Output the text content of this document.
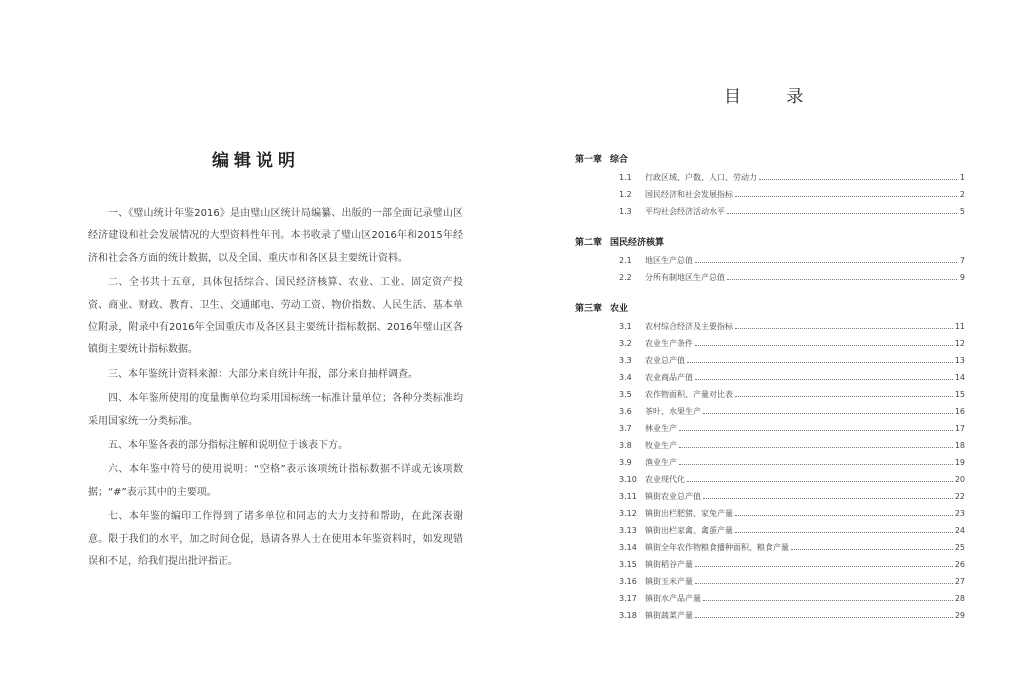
编辑说明

一、《璧山统计年鉴2016》是由璧山区统计局编纂、出版的一部全面记录璧山区经济建设和社会发展情况的大型资料性年刊。本书收录了璧山区2016年和2015年经济和社会各方面的统计数据，以及全国、重庆市和各区县主要统计资料。

二、全书共十五章，具体包括综合、国民经济核算、农业、工业、固定资产投资、商业、财政、教育、卫生、交通邮电、劳动工资、物价指数、人民生活、基本单位附录，附录中有2016年全国重庆市及各区县主要统计指标数据、2016年璧山区各镇街主要统计指标数据。

三、本年鉴统计资料来源：大部分来自统计年报，部分来自抽样调查。

四、本年鉴所使用的度量衡单位均采用国标统一标准计量单位；各种分类标准均采用国家统一分类标准。

五、本年鉴各表的部分指标注解和说明位于该表下方。

六、本年鉴中符号的使用说明：“空格”表示该项统计指标数据不详或无该项数据；“#”表示其中的主要项。

七、本年鉴的编印工作得到了诸多单位和同志的大力支持和帮助，在此深表谢意。限于我们的水平，加之时间仓促，恳请各界人士在使用本年鉴资料时，如发现错误和不足，给我们提出批评指正。

目 录
第一章 综合
1.1	行政区域、户数、人口、劳动力	1
1.2	国民经济和社会发展指标	2
1.3	平均社会经济活动水平	5
第二章 国民经济核算
2.1	地区生产总值	7
2.2	分所有制地区生产总值	9
第三章 农业
3.1	农村综合经济及主要指标	11
3.2	农业生产条件	12
3.3	农业总产值	13
3.4	农业商品产值	14
3.5	农作物面积、产量对比表	15
3.6	茶叶、水果生产	16
3.7	林业生产	17
3.8	牧业生产	18
3.9	渔业生产	19
3.10	农业现代化	20
3.11	镇街农业总产值	22
3.12	镇街出栏肥猪、家兔产量	23
3.13	镇街出栏家禽、禽蛋产量	24
3.14	镇街全年农作物粮食播种面积、粮食产量	25
3.15	镇街稻谷产量	26
3.16	镇街玉米产量	27
3.17	镇街水产品产量	28
3.18	镇街蔬菜产量	29
